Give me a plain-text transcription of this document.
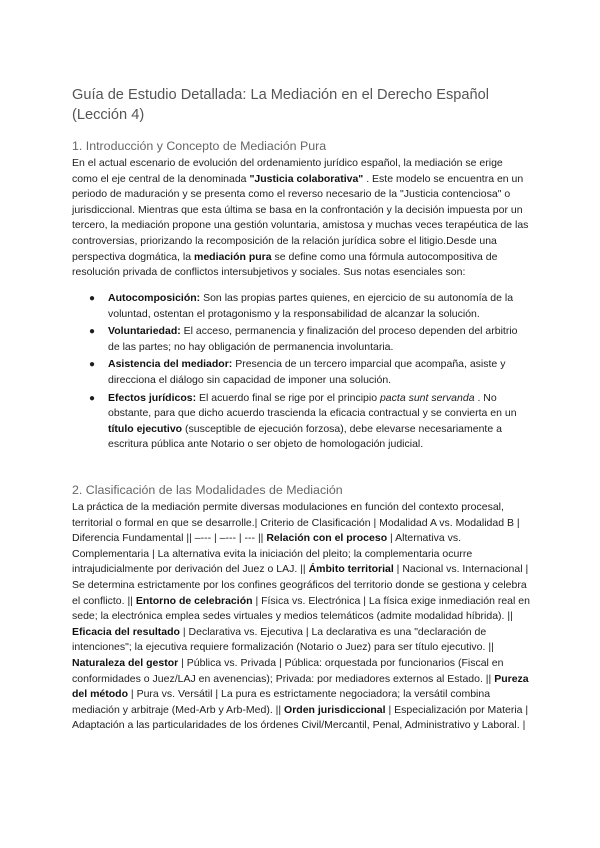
Guía de Estudio Detallada: La Mediación en el Derecho Español (Lección 4)
1. Introducción y Concepto de Mediación Pura

En el actual escenario de evolución del ordenamiento jurídico español, la mediación se erige como el eje central de la denominada "Justicia colaborativa" . Este modelo se encuentra en un periodo de maduración y se presenta como el reverso necesario de la "Justicia contenciosa" o jurisdiccional. Mientras que esta última se basa en la confrontación y la decisión impuesta por un tercero, la mediación propone una gestión voluntaria, amistosa y muchas veces terapéutica de las controversias, priorizando la recomposición de la relación jurídica sobre el litigio.Desde una perspectiva dogmática, la mediación pura se define como una fórmula autocompositiva de resolución privada de conflictos intersubjetivos y sociales. Sus notas esenciales son:

● Autocomposición: Son las propias partes quienes, en ejercicio de su autonomía de la voluntad, ostentan el protagonismo y la responsabilidad de alcanzar la solución.
● Voluntariedad: El acceso, permanencia y finalización del proceso dependen del arbitrio de las partes; no hay obligación de permanencia involuntaria.
● Asistencia del mediador: Presencia de un tercero imparcial que acompaña, asiste y direcciona el diálogo sin capacidad de imponer una solución.
● Efectos jurídicos: El acuerdo final se rige por el principio pacta sunt servanda . No obstante, para que dicho acuerdo trascienda la eficacia contractual y se convierta en un título ejecutivo (susceptible de ejecución forzosa), debe elevarse necesariamente a escritura pública ante Notario o ser objeto de homologación judicial.
2. Clasificación de las Modalidades de Mediación

La práctica de la mediación permite diversas modulaciones en función del contexto procesal, territorial o formal en que se desarrolle.| Criterio de Clasificación | Modalidad A vs. Modalidad B | Diferencia Fundamental || –--- | –--- | --- || Relación con el proceso | Alternativa vs. Complementaria | La alternativa evita la iniciación del pleito; la complementaria ocurre intrajudicialmente por derivación del Juez o LAJ. || Ámbito territorial | Nacional vs. Internacional | Se determina estrictamente por los confines geográficos del territorio donde se gestiona y celebra el conflicto. || Entorno de celebración | Física vs. Electrónica | La física exige inmediación real en sede; la electrónica emplea sedes virtuales y medios telemáticos (admite modalidad híbrida). || Eficacia del resultado | Declarativa vs. Ejecutiva | La declarativa es una "declaración de intenciones"; la ejecutiva requiere formalización (Notario o Juez) para ser título ejecutivo. || Naturaleza del gestor | Pública vs. Privada | Pública: orquestada por funcionarios (Fiscal en conformidades o Juez/LAJ en avenencias); Privada: por mediadores externos al Estado. || Pureza del método | Pura vs. Versátil | La pura es estrictamente negociadora; la versátil combina mediación y arbitraje (Med-Arb y Arb-Med). || Orden jurisdiccional | Especialización por Materia | Adaptación a las particularidades de los órdenes Civil/Mercantil, Penal, Administrativo y Laboral. |
